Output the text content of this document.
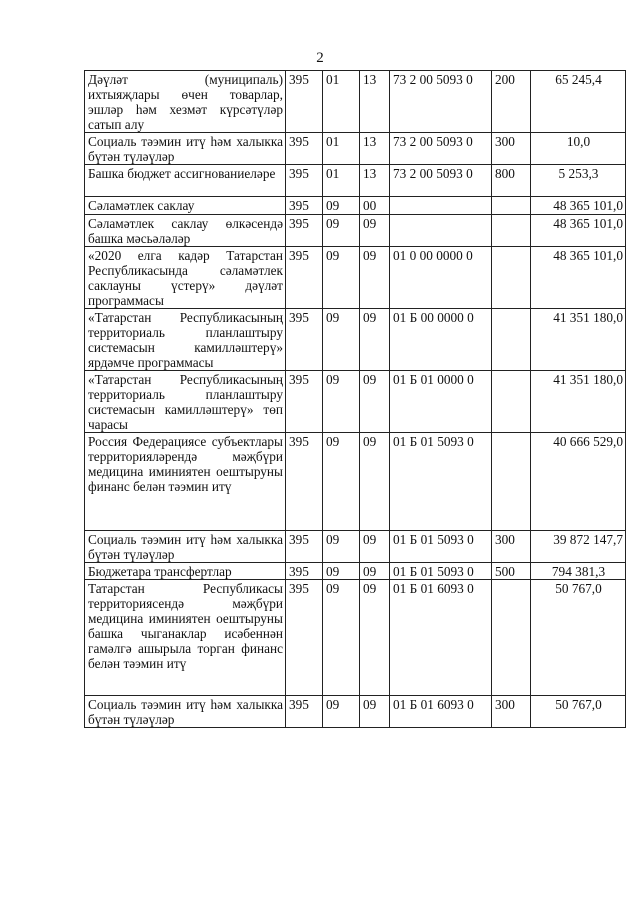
2
Дәүләт (муниципаль) ихтыяҗлары өчен товарлар, эшләр һәм хезмәт күрсәтүләр сатып алу	395	01	13	73 2 00 5093 0	200	65 245,4
Социаль тәэмин итү һәм халыкка бүтән түләүләр	395	01	13	73 2 00 5093 0	300	10,0
Башка бюджет ассигнованиеләре	395	01	13	73 2 00 5093 0	800	5 253,3
Сәламәтлек саклау	395	09	00			48 365 101,0
Сәламәтлек саклау өлкәсендә башка мәсьәләләр	395	09	09			48 365 101,0
«2020 елга кадәр Татарстан Республикасында сәламәтлек саклауны үстерү» дәүләт программасы	395	09	09	01 0 00 0000 0		48 365 101,0
«Татарстан Республикасының территориаль планлаштыру системасын камилләштерү» ярдәмче программасы	395	09	09	01 Б 00 0000 0		41 351 180,0
«Татарстан Республикасының территориаль планлаштыру системасын камилләштерү» төп чарасы	395	09	09	01 Б 01 0000 0		41 351 180,0
Россия Федерациясе субъектлары территорияләрендә мәҗбүри медицина иминиятен оештыруны финанс белән тәэмин итү	395	09	09	01 Б 01 5093 0		40 666 529,0
Социаль тәэмин итү һәм халыкка бүтән түләүләр	395	09	09	01 Б 01 5093 0	300	39 872 147,7
Бюджетара трансфертлар	395	09	09	01 Б 01 5093 0	500	794 381,3
Татарстан Республикасы территориясендә мәҗбүри медицина иминиятен оештыруны башка чыганаклар исәбеннән гамәлгә ашырыла торган финанс белән тәэмин итү	395	09	09	01 Б 01 6093 0		50 767,0
Социаль тәэмин итү һәм халыкка бүтән түләүләр	395	09	09	01 Б 01 6093 0	300	50 767,0
